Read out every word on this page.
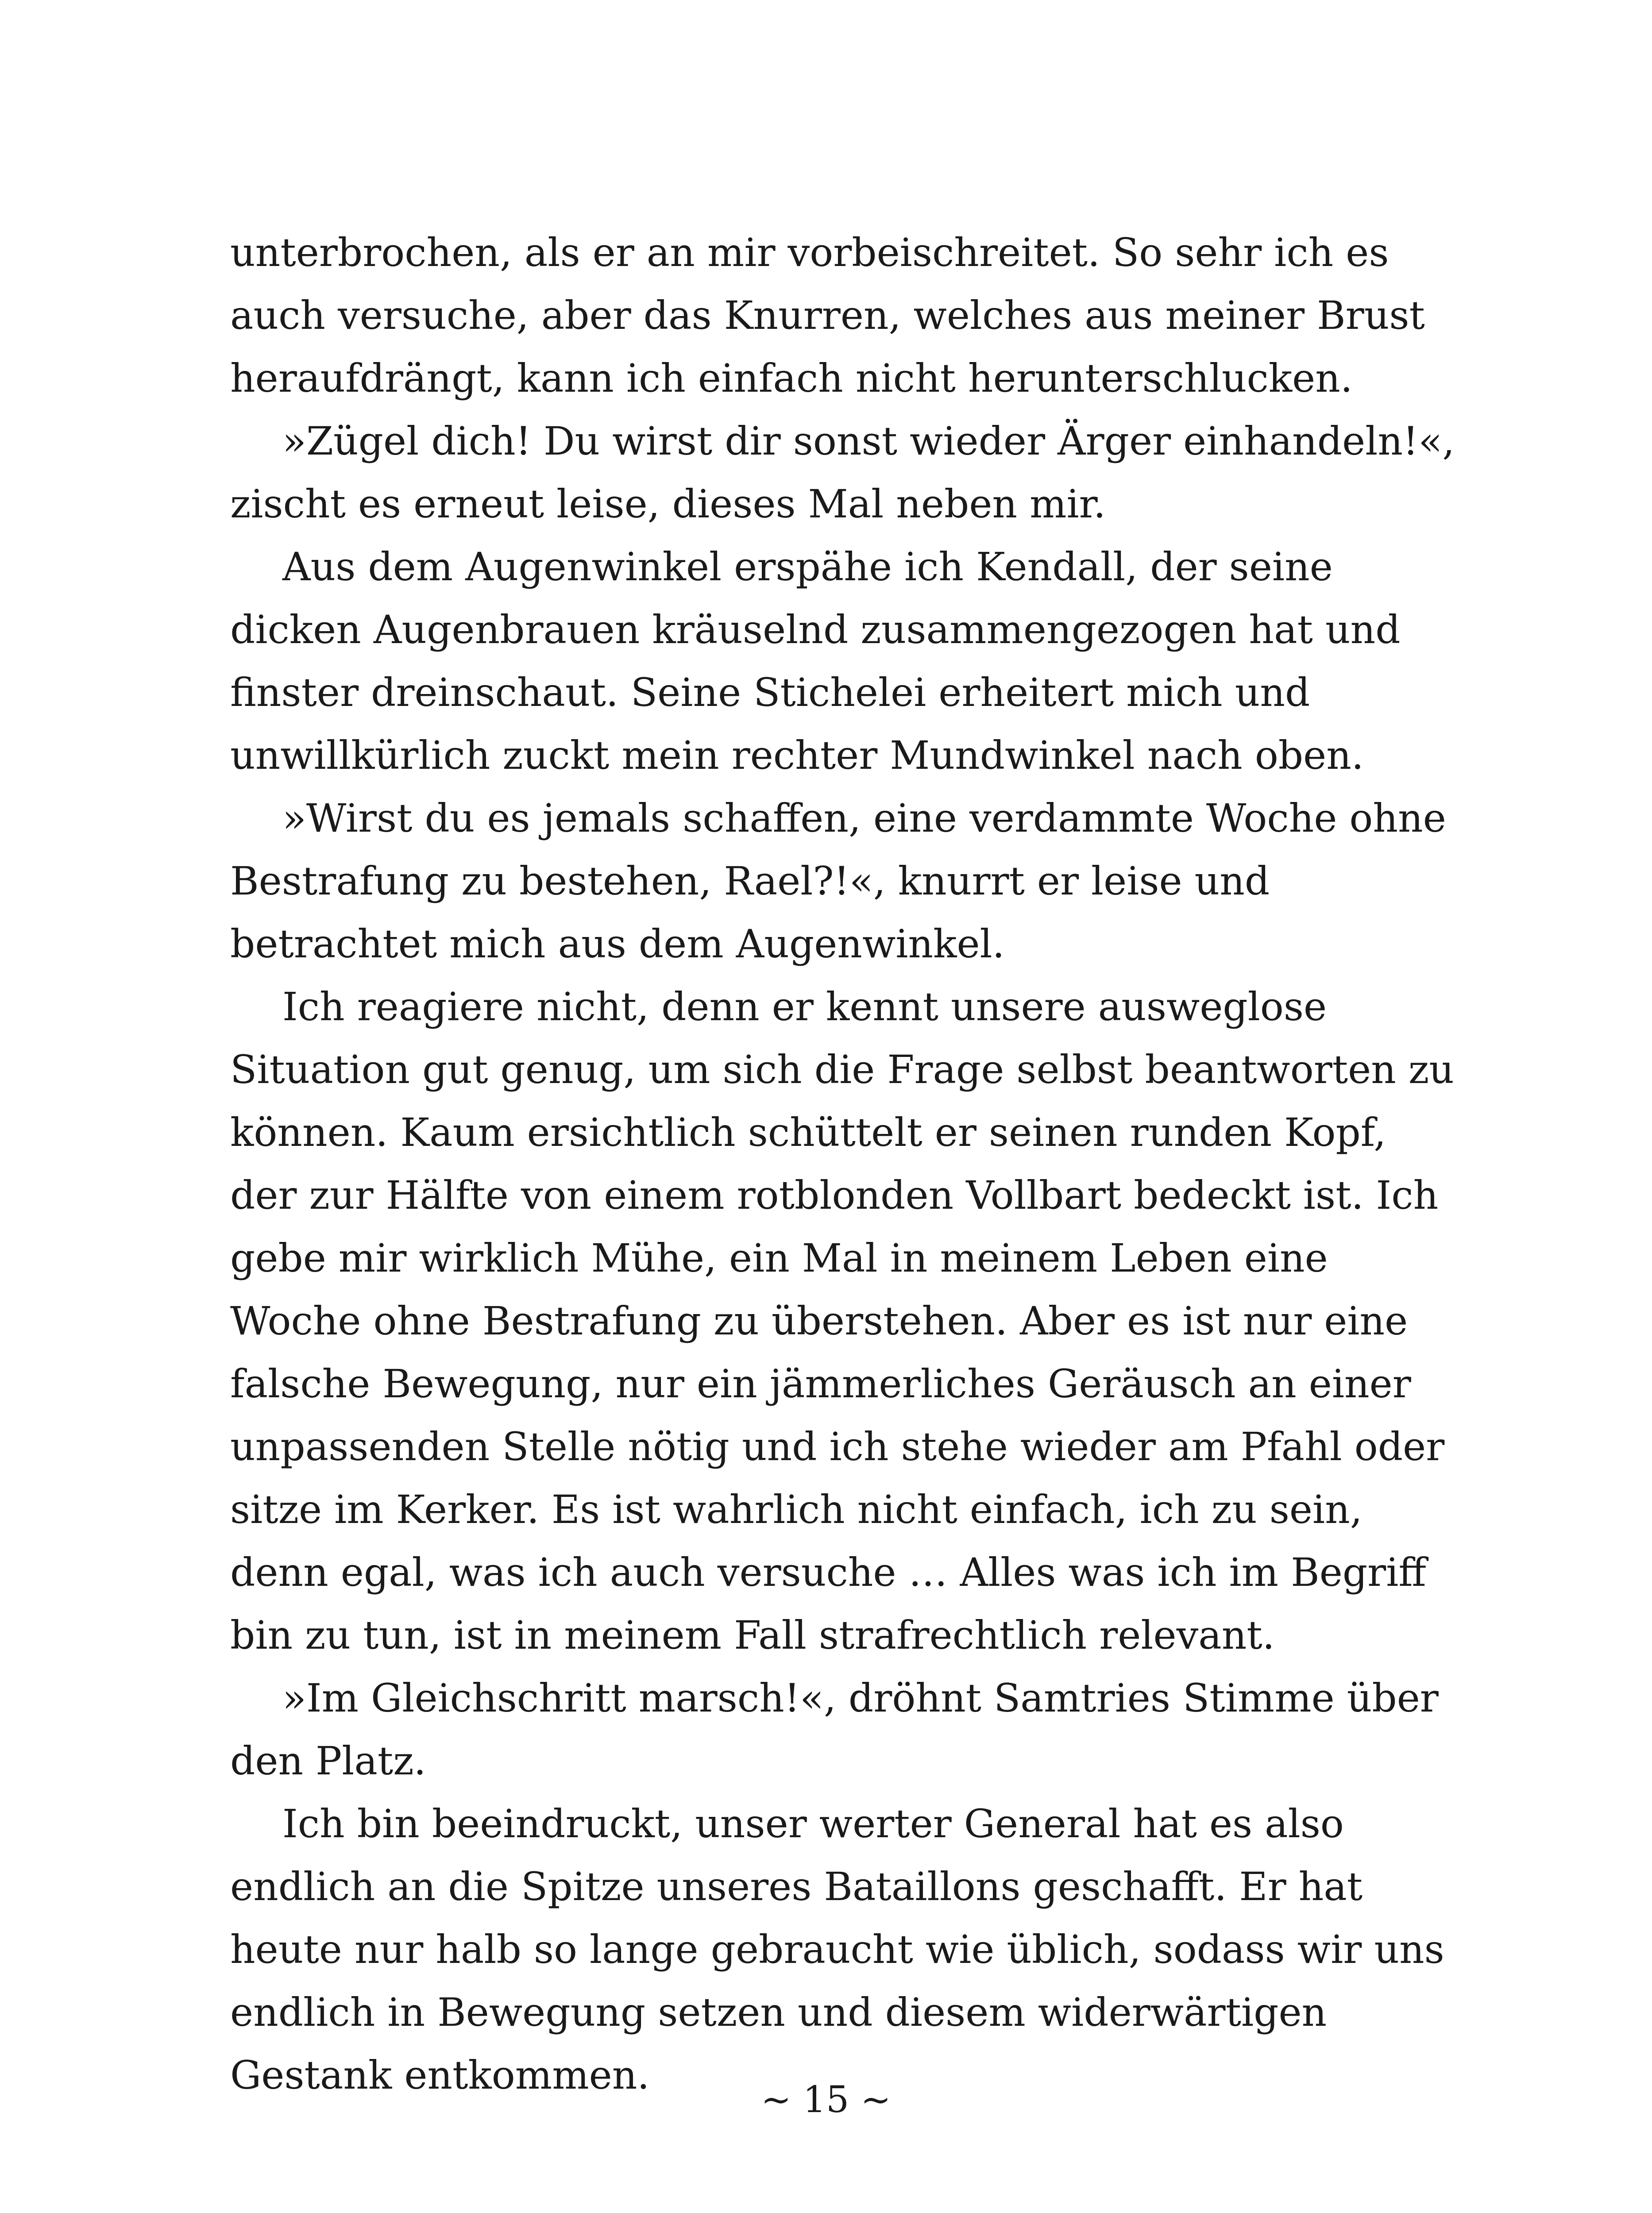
unterbrochen, als er an mir vorbeischreitet. So sehr ich es auch versuche, aber das Knurren, welches aus meiner Brust heraufdrängt, kann ich einfach nicht herunterschlucken.

»Zügel dich! Du wirst dir sonst wieder Ärger einhandeln!«, zischt es erneut leise, dieses Mal neben mir.

Aus dem Augenwinkel erspähe ich Kendall, der seine dicken Augenbrauen kräuselnd zusammengezogen hat und finster dreinschaut. Seine Stichelei erheitert mich und unwillkürlich zuckt mein rechter Mundwinkel nach oben.

»Wirst du es jemals schaffen, eine verdammte Woche ohne Bestrafung zu bestehen, Rael?!«, knurrt er leise und betrachtet mich aus dem Augenwinkel.

Ich reagiere nicht, denn er kennt unsere ausweglose Situation gut genug, um sich die Frage selbst beantworten zu können. Kaum ersichtlich schüttelt er seinen runden Kopf, der zur Hälfte von einem rotblonden Vollbart bedeckt ist. Ich gebe mir wirklich Mühe, ein Mal in meinem Leben eine Woche ohne Bestrafung zu überstehen. Aber es ist nur eine falsche Bewegung, nur ein jämmerliches Geräusch an einer unpassenden Stelle nötig und ich stehe wieder am Pfahl oder sitze im Kerker. Es ist wahrlich nicht einfach, ich zu sein, denn egal, was ich auch versuche … Alles was ich im Begriff bin zu tun, ist in meinem Fall strafrechtlich relevant.

»Im Gleichschritt marsch!«, dröhnt Samtries Stimme über den Platz.

Ich bin beeindruckt, unser werter General hat es also endlich an die Spitze unseres Bataillons geschafft. Er hat heute nur halb so lange gebraucht wie üblich, sodass wir uns endlich in Bewegung setzen und diesem widerwärtigen Gestank entkommen.

~ 15 ~
